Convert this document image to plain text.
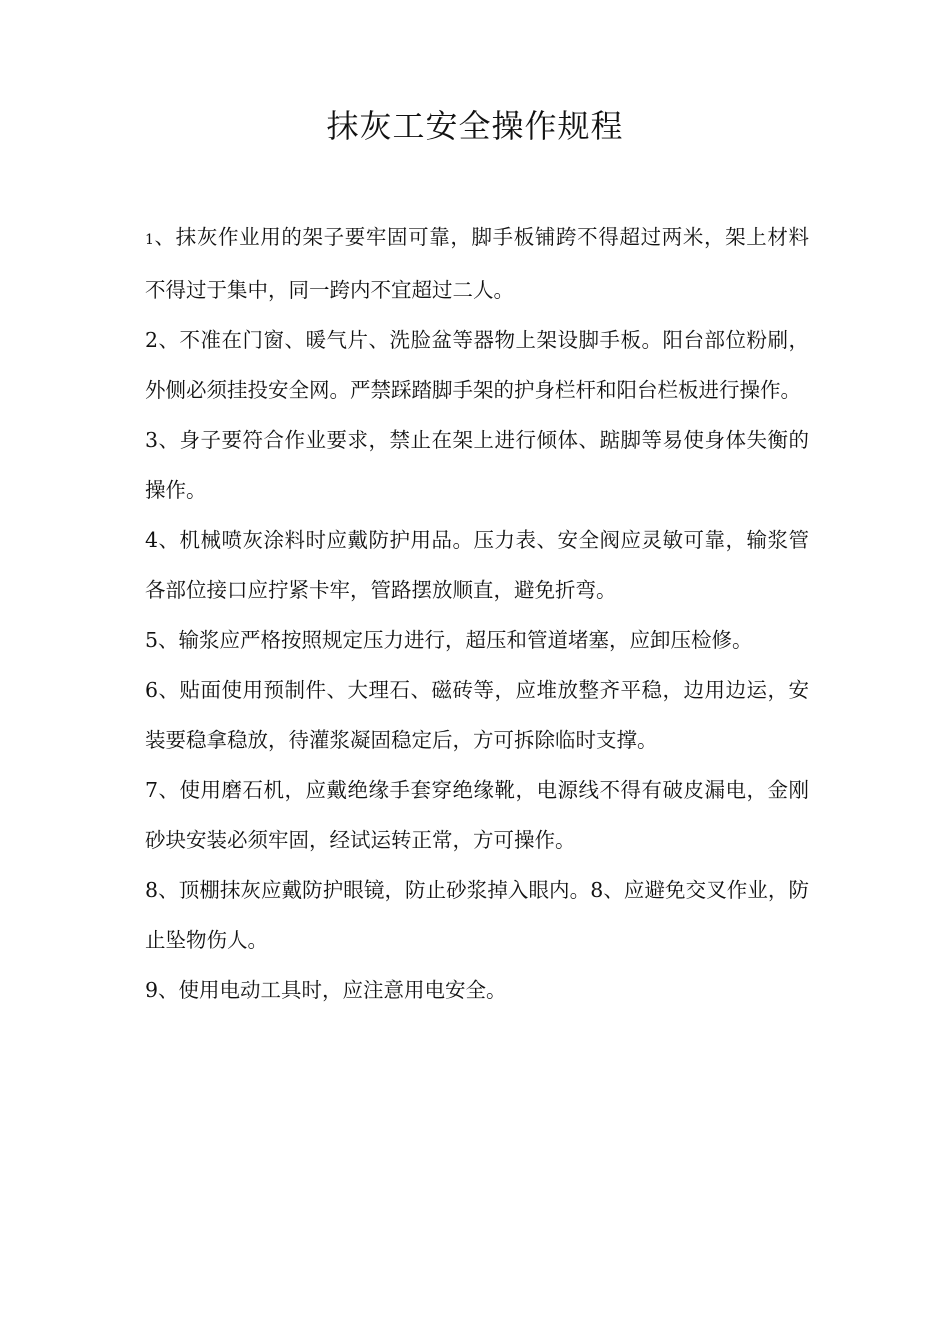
抹灰工安全操作规程
1、抹灰作业用的架子要牢固可靠，脚手板铺跨不得超过两米，架上材料不得过于集中，同一跨内不宜超过二人。
2、不准在门窗、暖气片、洗脸盆等器物上架设脚手板。阳台部位粉刷，外侧必须挂投安全网。严禁踩踏脚手架的护身栏杆和阳台栏板进行操作。
3、身子要符合作业要求，禁止在架上进行倾体、踮脚等易使身体失衡的操作。
4、机械喷灰涂料时应戴防护用品。压力表、安全阀应灵敏可靠，输浆管各部位接口应拧紧卡牢，管路摆放顺直，避免折弯。
5、输浆应严格按照规定压力进行，超压和管道堵塞，应卸压检修。
6、贴面使用预制件、大理石、磁砖等，应堆放整齐平稳，边用边运，安装要稳拿稳放，待灌浆凝固稳定后，方可拆除临时支撑。
7、使用磨石机，应戴绝缘手套穿绝缘靴，电源线不得有破皮漏电，金刚砂块安装必须牢固，经试运转正常，方可操作。
8、顶棚抹灰应戴防护眼镜，防止砂浆掉入眼内。8、应避免交叉作业，防止坠物伤人。
9、使用电动工具时，应注意用电安全。
